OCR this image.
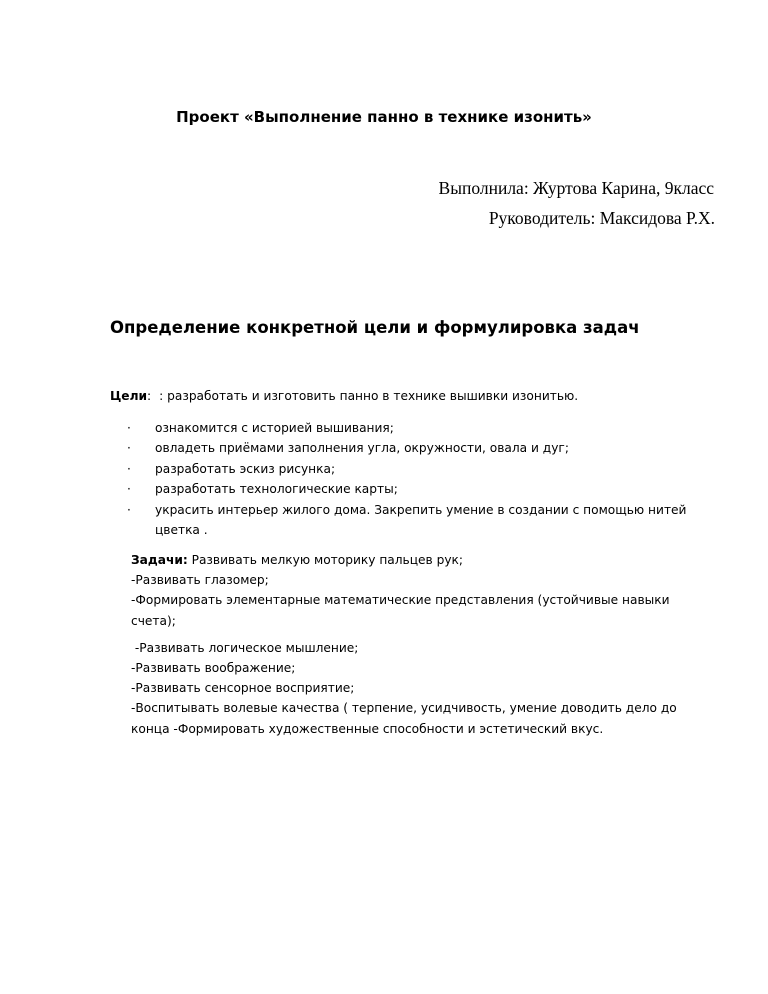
Проект «Выполнение панно в технике изонить»
Выполнила: Журтова Карина, 9класс
Руководитель: Максидова Р.Х.
Определение конкретной цели и формулировка задач
Цели: : разработать и изготовить панно в технике вышивки изонитью.
· ознакомится с историей вышивания;
· овладеть приёмами заполнения угла, окружности, овала и дуг;
· разработать эскиз рисунка;
· разработать технологические карты;
· украсить интерьер жилого дома. Закрепить умение в создании с помощью нитей цветка .
Задачи: Развивать мелкую моторику пальцев рук;
-Развивать глазомер;
-Формировать элементарные математические представления (устойчивые навыки счета);
-Развивать логическое мышление;
-Развивать воображение;
-Развивать сенсорное восприятие;
-Воспитывать волевые качества ( терпение, усидчивость, умение доводить дело до конца -Формировать художественные способности и эстетический вкус.
